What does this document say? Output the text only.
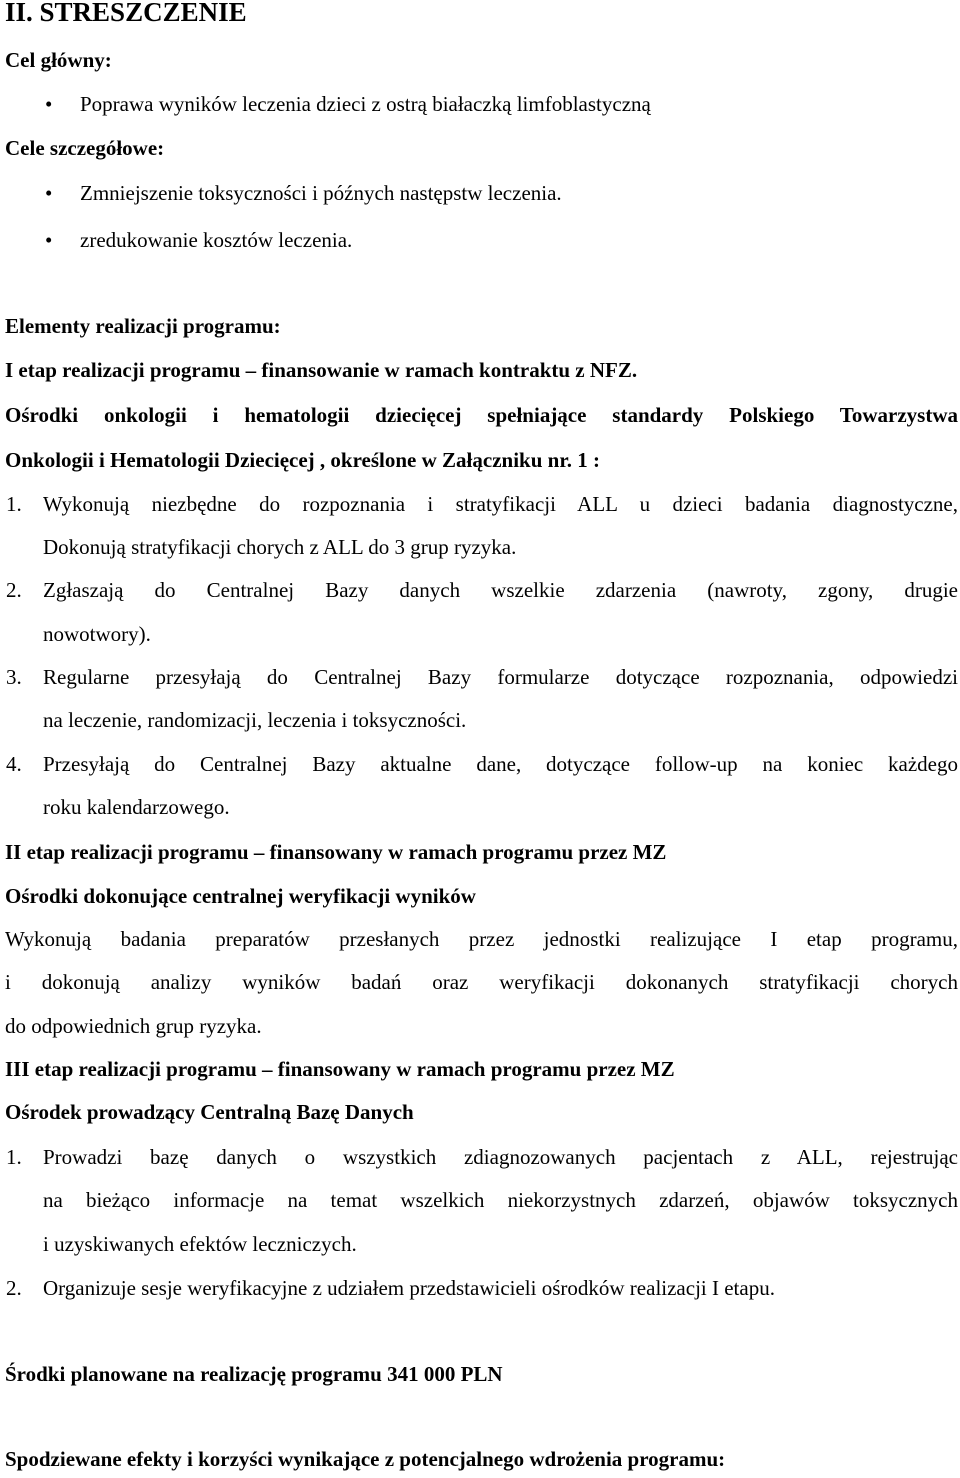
II. STRESZCZENIE
Cel główny:
• Poprawa wyników leczenia dzieci z ostrą białaczką limfoblastyczną
Cele szczegółowe:
• Zmniejszenie toksyczności i późnych następstw leczenia.
• zredukowanie kosztów leczenia.
Elementy realizacji programu:
I etap realizacji programu – finansowanie w ramach kontraktu z NFZ.
Ośrodki onkologii i hematologii dziecięcej spełniające standardy Polskiego Towarzystwa
Onkologii i Hematologii Dziecięcej , określone w Załączniku nr. 1 :
1. Wykonują niezbędne do rozpoznania i stratyfikacji ALL u dzieci badania diagnostyczne,
Dokonują stratyfikacji chorych z ALL do 3 grup ryzyka.
2. Zgłaszają do Centralnej Bazy danych wszelkie zdarzenia (nawroty, zgony, drugie
nowotwory).
3. Regularne przesyłają do Centralnej Bazy formularze dotyczące rozpoznania, odpowiedzi
na leczenie, randomizacji, leczenia i toksyczności.
4. Przesyłają do Centralnej Bazy aktualne dane, dotyczące follow-up na koniec każdego
roku kalendarzowego.
II etap realizacji programu – finansowany w ramach programu przez MZ
Ośrodki dokonujące centralnej weryfikacji wyników
Wykonują badania preparatów przesłanych przez jednostki realizujące I etap programu,
i dokonują analizy wyników badań oraz weryfikacji dokonanych stratyfikacji chorych
do odpowiednich grup ryzyka.
III etap realizacji programu – finansowany w ramach programu przez MZ
Ośrodek prowadzący Centralną Bazę Danych
1. Prowadzi bazę danych o wszystkich zdiagnozowanych pacjentach z ALL, rejestrując
na bieżąco informacje na temat wszelkich niekorzystnych zdarzeń, objawów toksycznych
i uzyskiwanych efektów leczniczych.
2. Organizuje sesje weryfikacyjne z udziałem przedstawicieli ośrodków realizacji I etapu.
Środki planowane na realizację programu 341 000 PLN
Spodziewane efekty i korzyści wynikające z potencjalnego wdrożenia programu:
